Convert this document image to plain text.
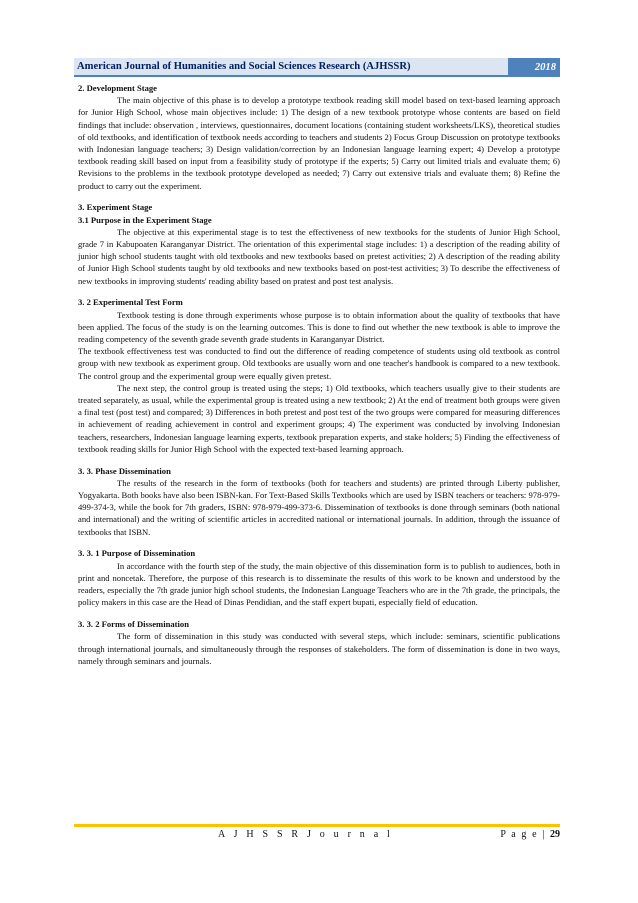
American Journal of Humanities and Social Sciences Research (AJHSSR)	2018
2. Development Stage

The main objective of this phase is to develop a prototype textbook reading skill model based on text-based learning approach for Junior High School, whose main objectives include: 1) The design of a new textbook prototype whose contents are based on field findings that include: observation , interviews, questionnaires, document locations (containing student worksheets/LKS), theoretical studies of old textbooks, and identification of textbook needs according to teachers and students 2) Focus Group Discussion on prototype textbooks with Indonesian language teachers; 3) Design validation/correction by an Indonesian language learning expert; 4) Develop a prototype textbook reading skill based on input from a feasibility study of prototype if the experts; 5) Carry out limited trials and evaluate them; 6) Revisions to the problems in the textbook prototype developed as needed; 7) Carry out extensive trials and evaluate them; 8) Refine the product to carry out the experiment.

3. Experiment Stage
3.1 Purpose in the Experiment Stage

The objective at this experimental stage is to test the effectiveness of new textbooks for the students of Junior High School, grade 7 in Kabupoaten Karanganyar District. The orientation of this experimental stage includes: 1) a description of the reading ability of junior high school students taught with old textbooks and new textbooks based on pretest activities; 2) A description of the reading ability of Junior High School students taught by old textbooks and new textbooks based on post-test activities; 3) To describe the effectiveness of new textbooks in improving students' reading ability based on pratest and post test analysis.

3. 2 Experimental Test Form

Textbook testing is done through experiments whose purpose is to obtain information about the quality of textbooks that have been applied. The focus of the study is on the learning outcomes. This is done to find out whether the new textbook is able to improve the reading competency of the seventh grade seventh grade students in Karanganyar District.

The textbook effectiveness test was conducted to find out the difference of reading competence of students using old textbook as control group with new textbook as experiment group. Old textbooks are usually worn and one teacher's handbook is compared to a new textbook. The control group and the experimental group were equally given pretest.

The next step, the control group is treated using the steps; 1) Old textbooks, which teachers usually give to their students are treated separately, as usual, while the experimental group is treated using a new textbook; 2) At the end of treatment both groups were given a final test (post test) and compared; 3) Differences in both pretest and post test of the two groups were compared for measuring differences in achievement of reading achievement in control and experiment groups; 4) The experiment was conducted by involving Indonesian teachers, researchers, Indonesian language learning experts, textbook preparation experts, and stake holders; 5) Finding the effectiveness of textbook reading skills for Junior High School with the expected text-based learning approach.

3. 3. Phase Dissemination

The results of the research in the form of textbooks (both for teachers and students) are printed through Liberty publisher, Yogyakarta. Both books have also been ISBN-kan. For Text-Based Skills Textbooks which are used by ISBN teachers or teachers: 978-979-499-374-3, while the book for 7th graders, ISBN: 978-979-499-373-6. Dissemination of textbooks is done through seminars (both national and international) and the writing of scientific articles in accredited national or international journals. In addition, through the issuance of textbooks that ISBN.

3. 3. 1 Purpose of Dissemination

In accordance with the fourth step of the study, the main objective of this dissemination form is to publish to audiences, both in print and noncetak. Therefore, the purpose of this research is to disseminate the results of this work to be known and understood by the readers, especially the 7th grade junior high school students, the Indonesian Language Teachers who are in the 7th grade, the principals, the policy makers in this case are the Head of Dinas Pendidian, and the staff expert bupati, especially field of education.

3. 3. 2 Forms of Dissemination

The form of dissemination in this study was conducted with several steps, which include: seminars, scientific publications through international journals, and simultaneously through the responses of stakeholders. The form of dissemination is done in two ways, namely through seminars and journals.

A J H S S R J o u r n a l	P a g e | 29
